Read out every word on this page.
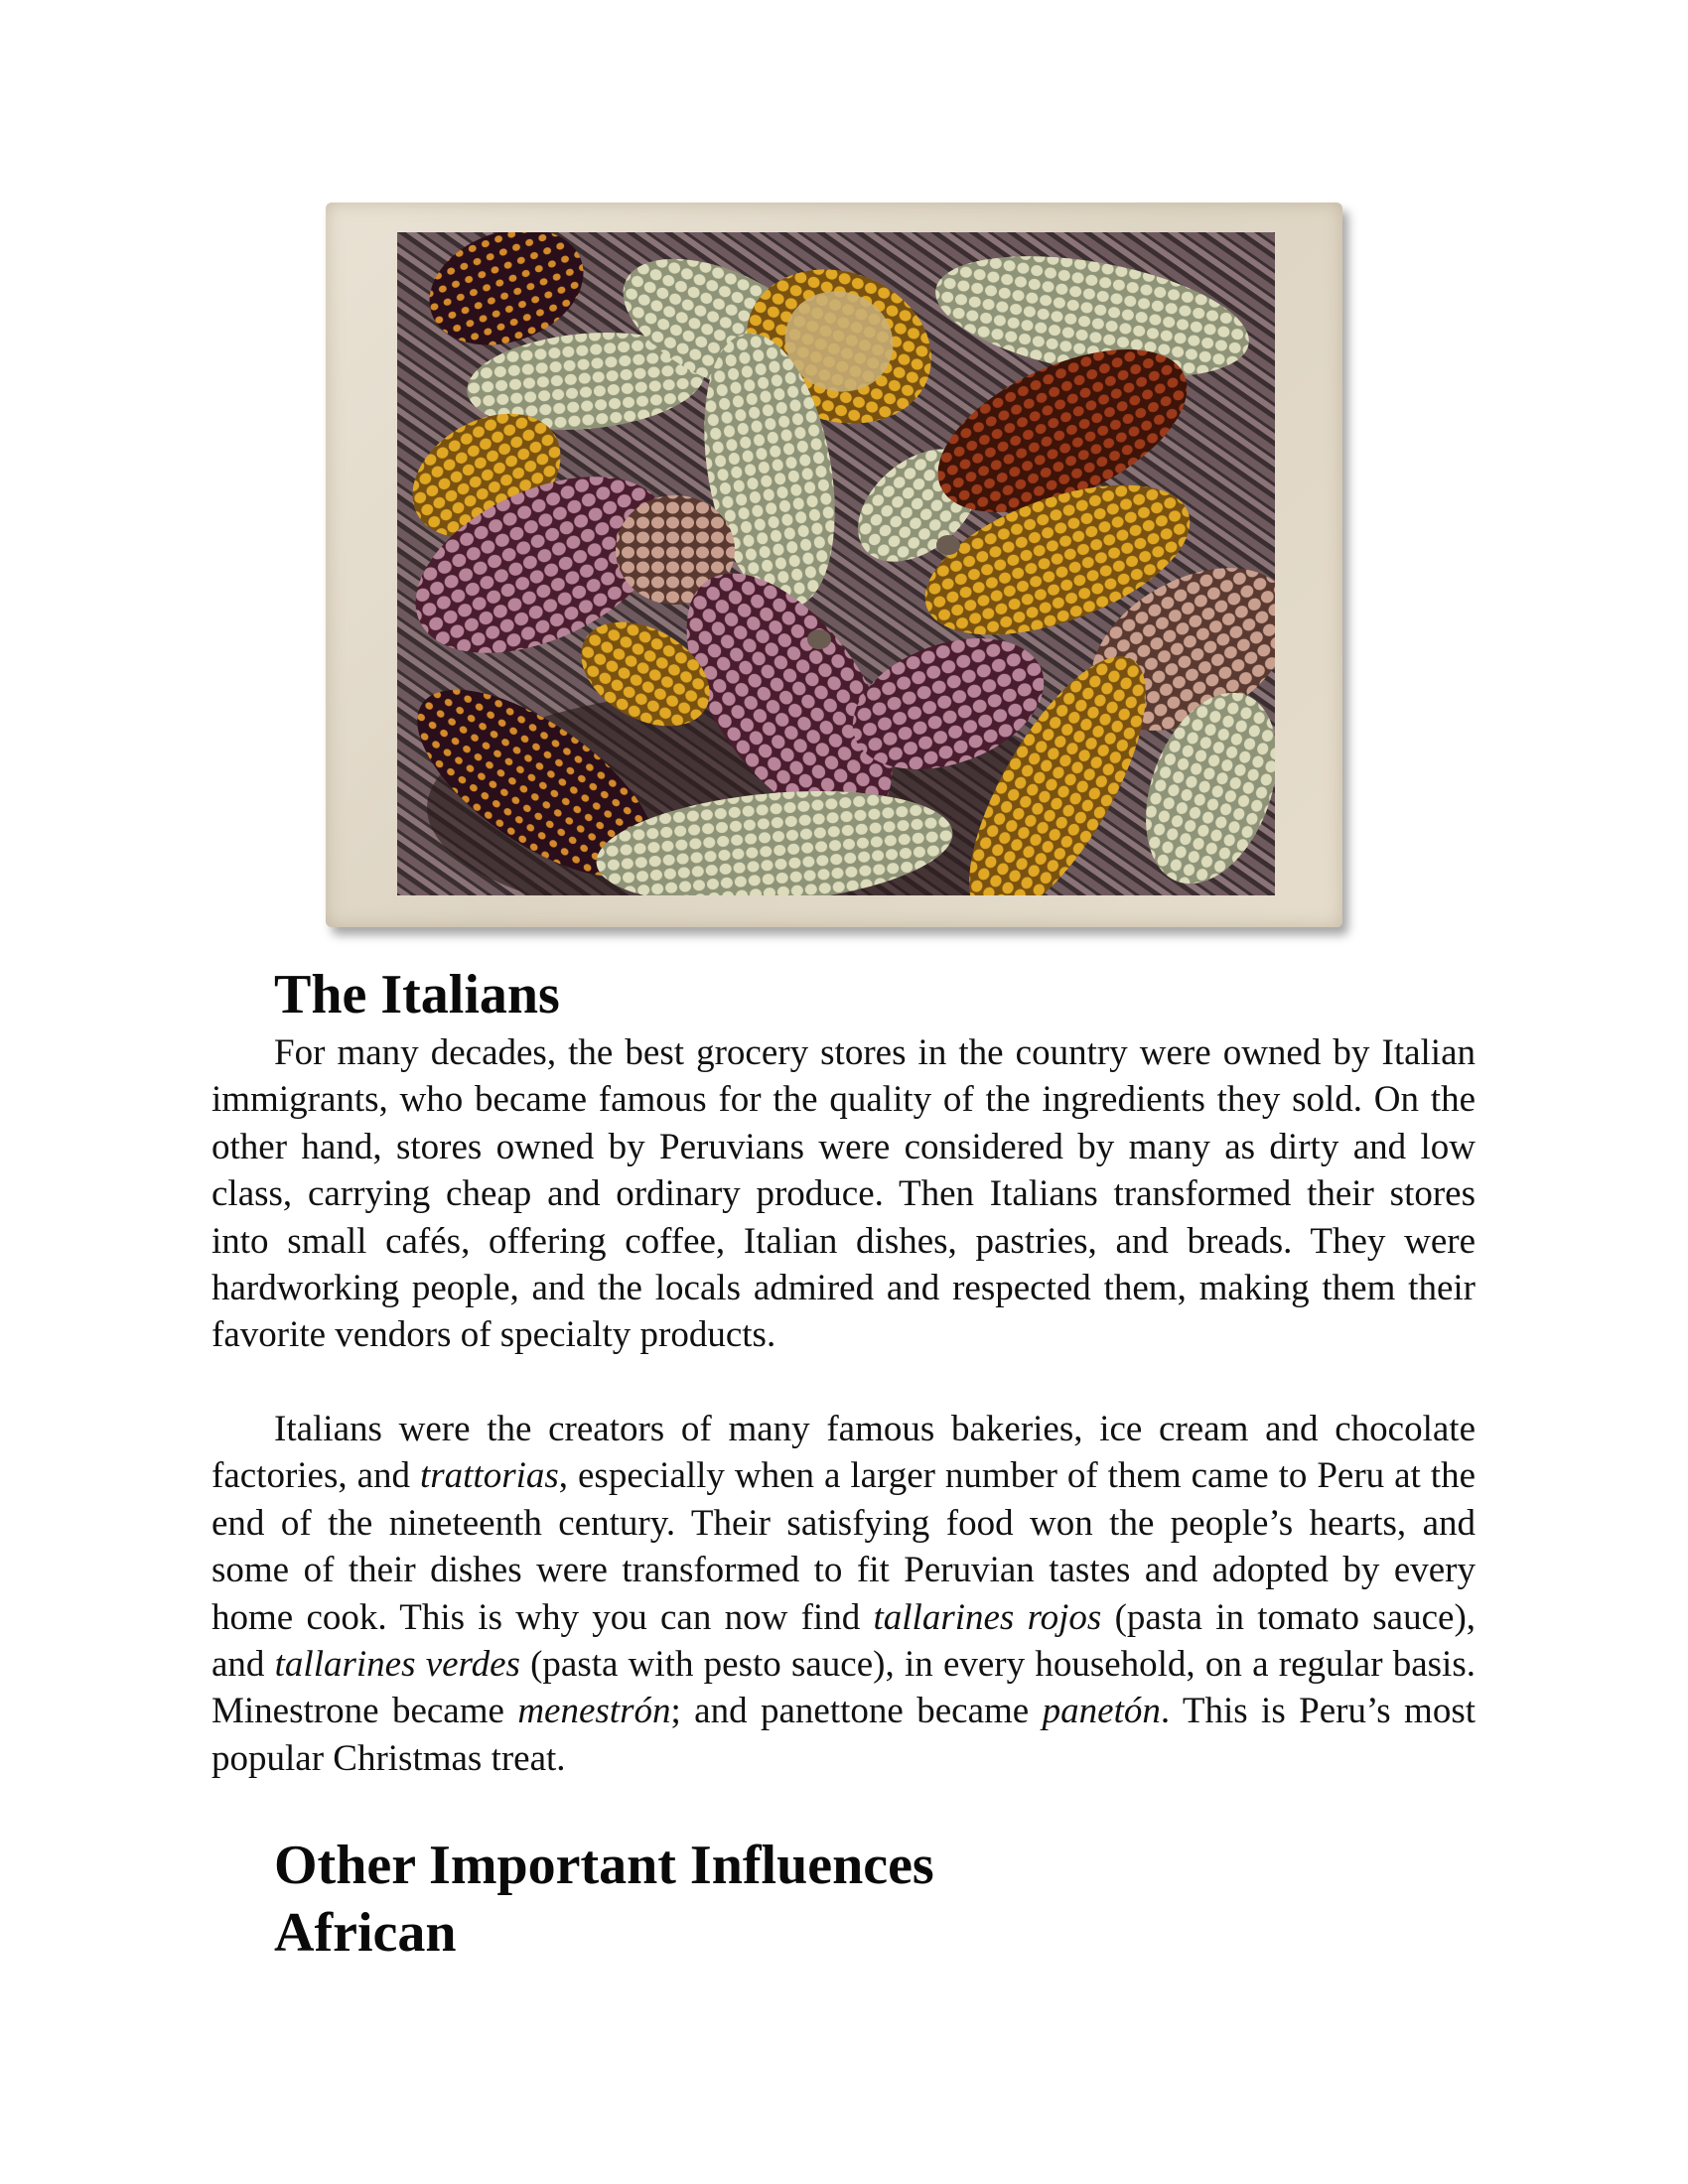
The Italians

For many decades, the best grocery stores in the country were owned by Italian immigrants, who became famous for the quality of the ingredients they sold. On the other hand, stores owned by Peruvians were considered by many as dirty and low class, carrying cheap and ordinary produce. Then Italians transformed their stores into small cafés, offering coffee, Italian dishes, pastries, and breads. They were hardworking people, and the locals admired and respected them, making them their favorite vendors of specialty products.

Italians were the creators of many famous bakeries, ice cream and chocolate factories, and trattorias, especially when a larger number of them came to Peru at the end of the nineteenth century. Their satisfying food won the people’s hearts, and some of their dishes were transformed to fit Peruvian tastes and adopted by every home cook. This is why you can now find tallarines rojos (pasta in tomato sauce), and tallarines verdes (pasta with pesto sauce), in every household, on a regular basis. Minestrone became menestrón; and panettone became panetón. This is Peru’s most popular Christmas treat.

Other Important Influences
African
